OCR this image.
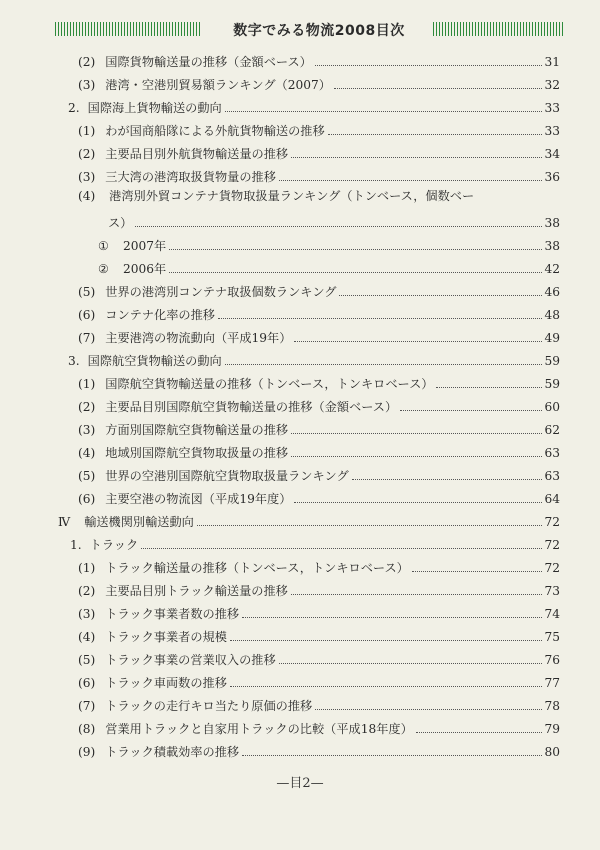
数字でみる物流2008目次
(2) 国際貨物輸送量の推移（金額ベース）	31
(3) 港湾・空港別貿易額ランキング（2007）	32
2. 国際海上貨物輸送の動向	33
(1) わが国商船隊による外航貨物輸送の推移	33
(2) 主要品目別外航貨物輸送量の推移	34
(3) 三大湾の港湾取扱貨物量の推移	36
(4) 港湾別外貿コンテナ貨物取扱量ランキング（トンベース，個数ベー
ス）	38
① 2007年	38
② 2006年	42
(5) 世界の港湾別コンテナ取扱個数ランキング	46
(6) コンテナ化率の推移	48
(7) 主要港湾の物流動向（平成19年）	49
3. 国際航空貨物輸送の動向	59
(1) 国際航空貨物輸送量の推移（トンベース，トンキロベース）	59
(2) 主要品目別国際航空貨物輸送量の推移（金額ベース）	60
(3) 方面別国際航空貨物輸送量の推移	62
(4) 地域別国際航空貨物取扱量の推移	63
(5) 世界の空港別国際航空貨物取扱量ランキング	63
(6) 主要空港の物流図（平成19年度）	64
Ⅳ 輸送機関別輸送動向	72
1. トラック	72
(1) トラック輸送量の推移（トンベース，トンキロベース）	72
(2) 主要品目別トラック輸送量の推移	73
(3) トラック事業者数の推移	74
(4) トラック事業者の規模	75
(5) トラック事業の営業収入の推移	76
(6) トラック車両数の推移	77
(7) トラックの走行キロ当たり原価の推移	78
(8) 営業用トラックと自家用トラックの比較（平成18年度）	79
(9) トラック積載効率の推移	80
—目2—
